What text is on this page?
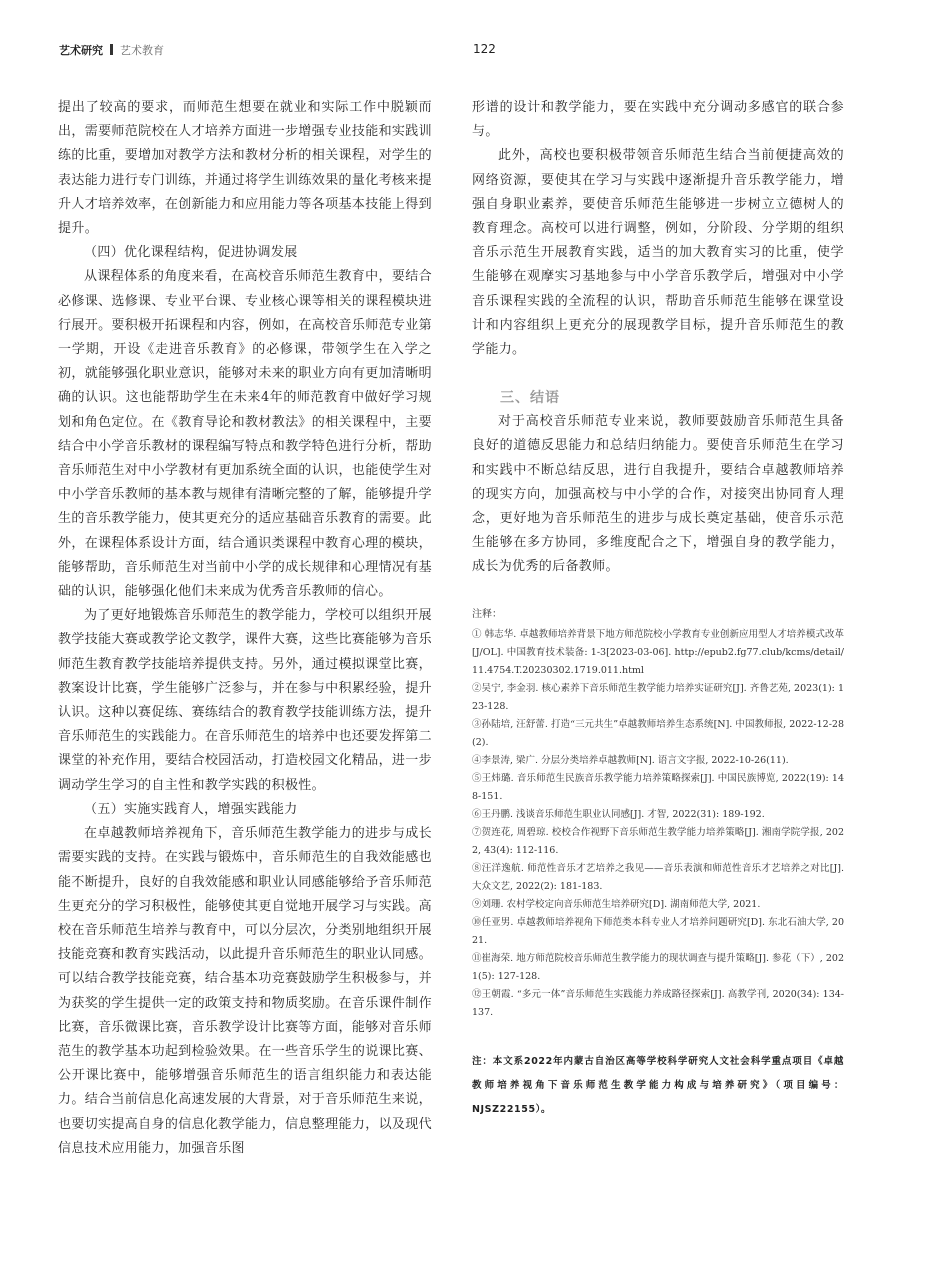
艺术研究 艺术教育	122

提出了较高的要求，而师范生想要在就业和实际工作中脱颖而出，需要师范院校在人才培养方面进一步增强专业技能和实践训练的比重，要增加对教学方法和教材分析的相关课程，对学生的表达能力进行专门训练，并通过将学生训练效果的量化考核来提升人才培养效率，在创新能力和应用能力等各项基本技能上得到提升。

（四）优化课程结构，促进协调发展

从课程体系的角度来看，在高校音乐师范生教育中，要结合必修课、选修课、专业平台课、专业核心课等相关的课程模块进行展开。要积极开拓课程和内容，例如，在高校音乐师范专业第一学期，开设《走进音乐教育》的必修课，带领学生在入学之初，就能够强化职业意识，能够对未来的职业方向有更加清晰明确的认识。这也能帮助学生在未来4年的师范教育中做好学习规划和角色定位。在《教育导论和教材教法》的相关课程中，主要结合中小学音乐教材的课程编写特点和教学特色进行分析，帮助音乐师范生对中小学教材有更加系统全面的认识，也能使学生对中小学音乐教师的基本教与规律有清晰完整的了解，能够提升学生的音乐教学能力，使其更充分的适应基础音乐教育的需要。此外，在课程体系设计方面，结合通识类课程中教育心理的模块，能够帮助，音乐师范生对当前中小学的成长规律和心理情况有基础的认识，能够强化他们未来成为优秀音乐教师的信心。

为了更好地锻炼音乐师范生的教学能力，学校可以组织开展教学技能大赛或教学论文教学，课件大赛，这些比赛能够为音乐师范生教育教学技能培养提供支持。另外，通过模拟课堂比赛，教案设计比赛，学生能够广泛参与，并在参与中积累经验，提升认识。这种以赛促练、赛练结合的教育教学技能训练方法，提升音乐师范生的实践能力。在音乐师范生的培养中也还要发挥第二课堂的补充作用，要结合校园活动，打造校园文化精品，进一步调动学生学习的自主性和教学实践的积极性。

（五）实施实践育人，增强实践能力

在卓越教师培养视角下，音乐师范生教学能力的进步与成长需要实践的支持。在实践与锻炼中，音乐师范生的自我效能感也能不断提升，良好的自我效能感和职业认同感能够给予音乐师范生更充分的学习积极性，能够使其更自觉地开展学习与实践。高校在音乐师范生培养与教育中，可以分层次，分类别地组织开展技能竞赛和教育实践活动，以此提升音乐师范生的职业认同感。可以结合教学技能竞赛，结合基本功竞赛鼓励学生积极参与，并为获奖的学生提供一定的政策支持和物质奖励。在音乐课件制作比赛，音乐微课比赛，音乐教学设计比赛等方面，能够对音乐师范生的教学基本功起到检验效果。在一些音乐学生的说课比赛、公开课比赛中，能够增强音乐师范生的语言组织能力和表达能力。结合当前信息化高速发展的大背景，对于音乐师范生来说，也要切实提高自身的信息化教学能力，信息整理能力，以及现代信息技术应用能力，加强音乐图

形谱的设计和教学能力，要在实践中充分调动多感官的联合参与。

此外，高校也要积极带领音乐师范生结合当前便捷高效的网络资源，要使其在学习与实践中逐渐提升音乐教学能力，增强自身职业素养，要使音乐师范生能够进一步树立立德树人的教育理念。高校可以进行调整，例如，分阶段、分学期的组织音乐示范生开展教育实践，适当的加大教育实习的比重，使学生能够在观摩实习基地参与中小学音乐教学后，增强对中小学音乐课程实践的全流程的认识，帮助音乐师范生能够在课堂设计和内容组织上更充分的展现教学目标，提升音乐师范生的教学能力。

三、结语

对于高校音乐师范专业来说，教师要鼓励音乐师范生具备良好的道德反思能力和总结归纳能力。要使音乐师范生在学习和实践中不断总结反思，进行自我提升，要结合卓越教师培养的现实方向，加强高校与中小学的合作，对接突出协同育人理念，更好地为音乐师范生的进步与成长奠定基础，使音乐示范生能够在多方协同，多维度配合之下，增强自身的教学能力，成长为优秀的后备教师。

注释：

① 韩志华. 卓越教师培养背景下地方师范院校小学教育专业创新应用型人才培养模式改革[J/OL]. 中国教育技术装备: 1-3[2023-03-06]. http://epub2.fg77.club/kcms/detail/11.4754.T.20230302.1719.011.html

②吴宁, 李金羽. 核心素养下音乐师范生教学能力培养实证研究[J]. 齐鲁艺苑, 2023(1): 123-128.

③孙陆培, 汪舒蕾. 打造“三元共生”卓越教师培养生态系统[N]. 中国教师报, 2022-12-28(2).

④李景涛, 梁广. 分层分类培养卓越教师[N]. 语言文字报, 2022-10-26(11).

⑤王炜璐. 音乐师范生民族音乐教学能力培养策略探索[J]. 中国民族博览, 2022(19): 148-151.

⑥王丹鹏. 浅谈音乐师范生职业认同感[J]. 才智, 2022(31): 189-192.

⑦贺连花, 周碧琼. 校校合作视野下音乐师范生教学能力培养策略[J]. 湘南学院学报, 2022, 43(4): 112-116.

⑧汪洋逸航. 师范性音乐才艺培养之我见——音乐表演和师范性音乐才艺培养之对比[J]. 大众文艺, 2022(2): 181-183.

⑨刘珊. 农村学校定向音乐师范生培养研究[D]. 湖南师范大学, 2021.

⑩任亚男. 卓越教师培养视角下师范类本科专业人才培养问题研究[D]. 东北石油大学, 2021.

⑪崔海荣. 地方师范院校音乐师范生教学能力的现状调查与提升策略[J]. 参花（下）, 2021(5): 127-128.

⑫王朝霞. “多元一体”音乐师范生实践能力养成路径探索[J]. 高教学刊, 2020(34): 134-137.

注：本文系2022年内蒙古自治区高等学校科学研究人文社会科学重点项目《卓越教师培养视角下音乐师范生教学能力构成与培养研究》（项目编号：NJSZ22155）。
